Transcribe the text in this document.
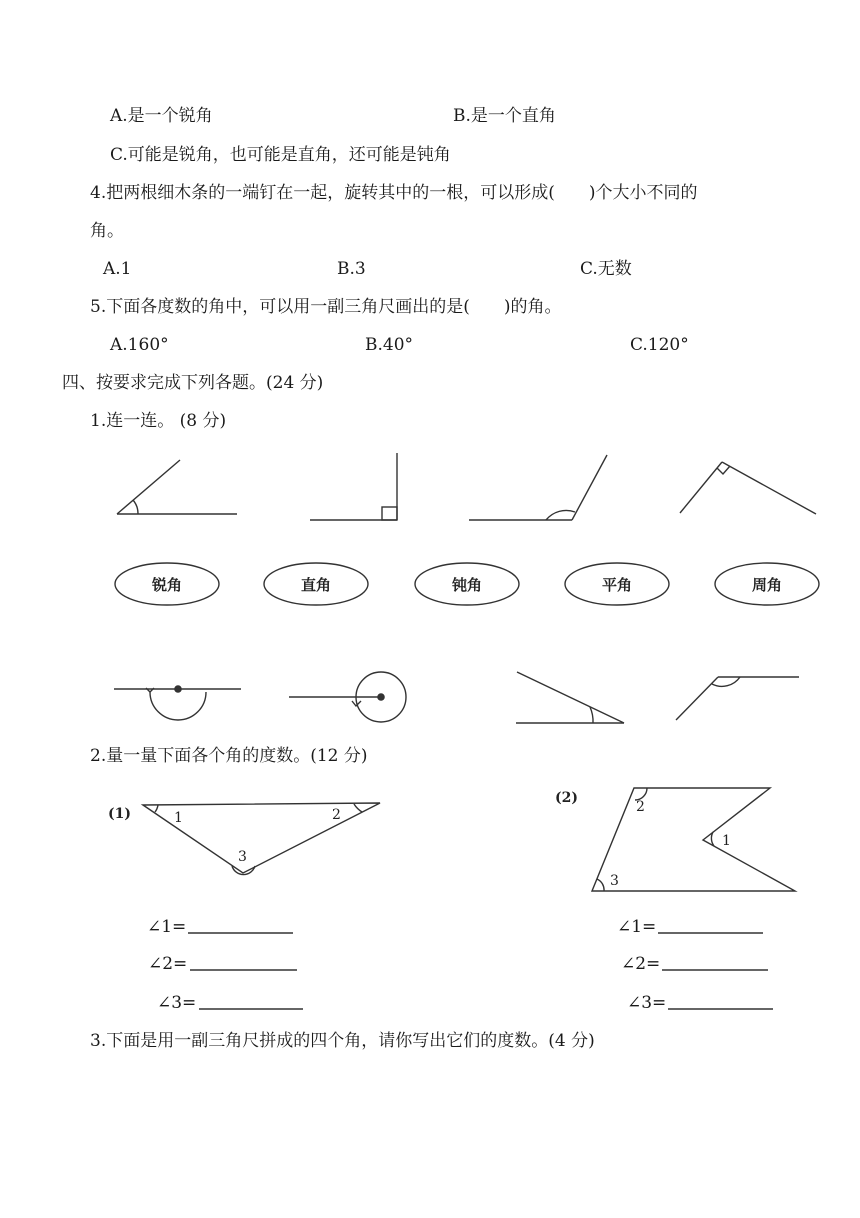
A.是一个锐角	B.是一个直角
C.可能是锐角，也可能是直角，还可能是钝角
4.把两根细木条的一端钉在一起，旋转其中的一根，可以形成(　　)个大小不同的
角。
A.1	B.3	C.无数
5.下面各度数的角中，可以用一副三角尺画出的是(　　)的角。
A.160°	B.40°	C.120°
四、按要求完成下列各题。(24 分)
1.连一连。 (8 分)
锐角	直角	钝角	平角	周角
(1)
(2)
1	2
3
1
2
3
2.量一量下面各个角的度数。(12 分)
∠1=
∠2=
∠3=
∠1=
∠2=
∠3=
3.下面是用一副三角尺拼成的四个角，请你写出它们的度数。(4 分)
